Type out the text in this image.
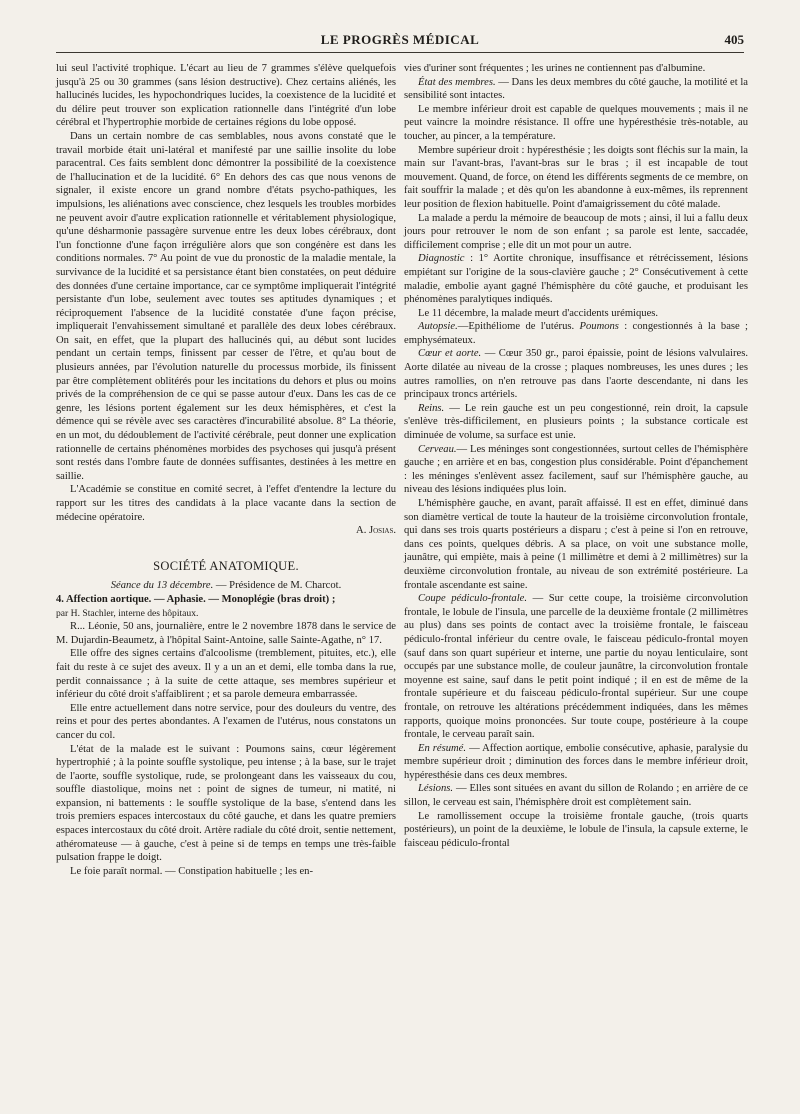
LE PROGRÈS MÉDICAL	405

lui seul l'activité trophique. L'écart au lieu de 7 grammes s'élève quelquefois jusqu'à 25 ou 30 grammes (sans lésion destructive). Chez certains aliénés, les hallucinés lucides, les hypochondriques lucides, la coexistence de la lucidité et du délire peut trouver son explication rationnelle dans l'intégrité d'un lobe cérébral et l'hypertrophie morbide de certaines régions du lobe opposé.

Dans un certain nombre de cas semblables, nous avons constaté que le travail morbide était uni-latéral et manifesté par une saillie insolite du lobe paracentral. Ces faits semblent donc démontrer la possibilité de la coexistence de l'hallucination et de la lucidité. 6° En dehors des cas que nous venons de signaler, il existe encore un grand nombre d'états psycho-pathiques, les impulsions, les aliénations avec conscience, chez lesquels les troubles morbides ne peuvent avoir d'autre explication rationnelle et véritablement physiologique, qu'une désharmonie passagère survenue entre les deux lobes cérébraux, dont l'un fonctionne d'une façon irrégulière alors que son congénère est dans les conditions normales. 7° Au point de vue du pronostic de la maladie mentale, la survivance de la lucidité et sa persistance étant bien constatées, on peut déduire des données d'une certaine importance, car ce symptôme impliquerait l'intégrité persistante d'un lobe, seulement avec toutes ses aptitudes dynamiques ; et réciproquement l'absence de la lucidité constatée d'une façon précise, impliquerait l'envahissement simultané et parallèle des deux lobes cérébraux. On sait, en effet, que la plupart des hallucinés qui, au début sont lucides pendant un certain temps, finissent par cesser de l'être, et qu'au bout de plusieurs années, par l'évolution naturelle du processus morbide, ils finissent par être complètement oblitérés pour les incitations du dehors et plus ou moins privés de la compréhension de ce qui se passe autour d'eux. Dans les cas de ce genre, les lésions portent également sur les deux hémisphères, et c'est la démence qui se révèle avec ses caractères d'incurabilité absolue. 8° La théorie, en un mot, du dédoublement de l'activité cérébrale, peut donner une explication rationnelle de certains phénomènes morbides des psychoses qui jusqu'à présent sont restés dans l'ombre faute de données suffisantes, destinées à les mettre en saillie.

L'Académie se constitue en comité secret, à l'effet d'entendre la lecture du rapport sur les titres des candidats à la place vacante dans la section de médecine opératoire.

A. Josias.

SOCIÉTÉ ANATOMIQUE.

Séance du 13 décembre. — Présidence de M. Charcot.

4. Affection aortique. — Aphasie. — Monoplégie (bras droit) ;

par H. Stachler, interne des hôpitaux.

R... Léonie, 50 ans, journalière, entre le 2 novembre 1878 dans le service de M. Dujardin-Beaumetz, à l'hôpital Saint-Antoine, salle Sainte-Agathe, n° 17.

Elle offre des signes certains d'alcoolisme (tremblement, pituites, etc.), elle fait du reste à ce sujet des aveux. Il y a un an et demi, elle tomba dans la rue, perdit connaissance ; à la suite de cette attaque, ses membres supérieur et inférieur du côté droit s'affaiblirent ; et sa parole demeura embarrassée.

Elle entre actuellement dans notre service, pour des douleurs du ventre, des reins et pour des pertes abondantes. A l'examen de l'utérus, nous constatons un cancer du col.

L'état de la malade est le suivant : Poumons sains, cœur légèrement hypertrophié ; à la pointe souffle systolique, peu intense ; à la base, sur le trajet de l'aorte, souffle systolique, rude, se prolongeant dans les vaisseaux du cou, souffle diastolique, moins net : point de signes de tumeur, ni matité, ni expansion, ni battements : le souffle systolique de la base, s'entend dans les trois premiers espaces intercostaux du côté gauche, et dans les quatre premiers espaces intercostaux du côté droit. Artère radiale du côté droit, sentie nettement, athéromateuse — à gauche, c'est à peine si de temps en temps une très-faible pulsation frappe le doigt.

Le foie paraît normal. — Constipation habituelle ; les en-

vies d'uriner sont fréquentes ; les urines ne contiennent pas d'albumine.

État des membres. — Dans les deux membres du côté gauche, la motilité et la sensibilité sont intactes.

Le membre inférieur droit est capable de quelques mouvements ; mais il ne peut vaincre la moindre résistance. Il offre une hypéresthésie très-notable, au toucher, au pincer, a la température.

Membre supérieur droit : hypéresthésie ; les doigts sont fléchis sur la main, la main sur l'avant-bras, l'avant-bras sur le bras ; il est incapable de tout mouvement. Quand, de force, on étend les différents segments de ce membre, on fait souffrir la malade ; et dès qu'on les abandonne à eux-mêmes, ils reprennent leur position de flexion habituelle. Point d'amaigrissement du côté malade.

La malade a perdu la mémoire de beaucoup de mots ; ainsi, il lui a fallu deux jours pour retrouver le nom de son enfant ; sa parole est lente, saccadée, difficilement comprise ; elle dit un mot pour un autre.

Diagnostic : 1° Aortite chronique, insuffisance et rétrécissement, lésions empiétant sur l'origine de la sous-clavière gauche ; 2° Consécutivement à cette maladie, embolie ayant gagné l'hémisphère du côté gauche, et produisant les phénomènes paralytiques indiqués.

Le 11 décembre, la malade meurt d'accidents urémiques.

Autopsie.—Epithéliome de l'utérus. Poumons : congestionnés à la base ; emphysémateux.

Cœur et aorte. — Cœur 350 gr., paroi épaissie, point de lésions valvulaires. Aorte dilatée au niveau de la crosse ; plaques nombreuses, les unes dures ; les autres ramollies, on n'en retrouve pas dans l'aorte descendante, ni dans les principaux troncs artériels.

Reins. — Le rein gauche est un peu congestionné, rein droit, la capsule s'enlève très-difficilement, en plusieurs points ; la substance corticale est diminuée de volume, sa surface est unie.

Cerveau.— Les méninges sont congestionnées, surtout celles de l'hémisphère gauche ; en arrière et en bas, congestion plus considérable. Point d'épanchement : les méninges s'enlèvent assez facilement, sauf sur l'hémisphère gauche, au niveau des lésions indiquées plus loin.

L'hémisphère gauche, en avant, paraît affaissé. Il est en effet, diminué dans son diamètre vertical de toute la hauteur de la troisième circonvolution frontale, qui dans ses trois quarts postérieurs a disparu ; c'est à peine si l'on en retrouve, dans ces points, quelques débris. A sa place, on voit une substance molle, jaunâtre, qui empiète, mais à peine (1 millimètre et demi à 2 millimètres) sur la deuxième circonvolution frontale, au niveau de son extrémité postérieure. La frontale ascendante est saine.

Coupe pédiculo-frontale. — Sur cette coupe, la troisième circonvolution frontale, le lobule de l'insula, une parcelle de la deuxième frontale (2 millimètres au plus) dans ses points de contact avec la troisième frontale, le faisceau pédiculo-frontal inférieur du centre ovale, le faisceau pédiculo-frontal moyen (sauf dans son quart supérieur et interne, une partie du noyau lenticulaire, sont occupés par une substance molle, de couleur jaunâtre, la circonvolution frontale moyenne est saine, sauf dans le petit point indiqué ; il en est de même de la frontale supérieure et du faisceau pédiculo-frontal supérieur. Sur une coupe frontale, on retrouve les altérations précédemment indiquées, dans les mêmes rapports, quoique moins prononcées. Sur toute coupe, postérieure à la coupe frontale, le cerveau paraît sain.

En résumé. — Affection aortique, embolie consécutive, aphasie, paralysie du membre supérieur droit ; diminution des forces dans le membre inférieur droit, hypéresthésie dans ces deux membres.

Lésions. — Elles sont situées en avant du sillon de Rolando ; en arrière de ce sillon, le cerveau est sain, l'hémisphère droit est complètement sain.

Le ramollissement occupe la troisième frontale gauche, (trois quarts postérieurs), un point de la deuxième, le lobule de l'insula, la capsule externe, le faisceau pédiculo-frontal
